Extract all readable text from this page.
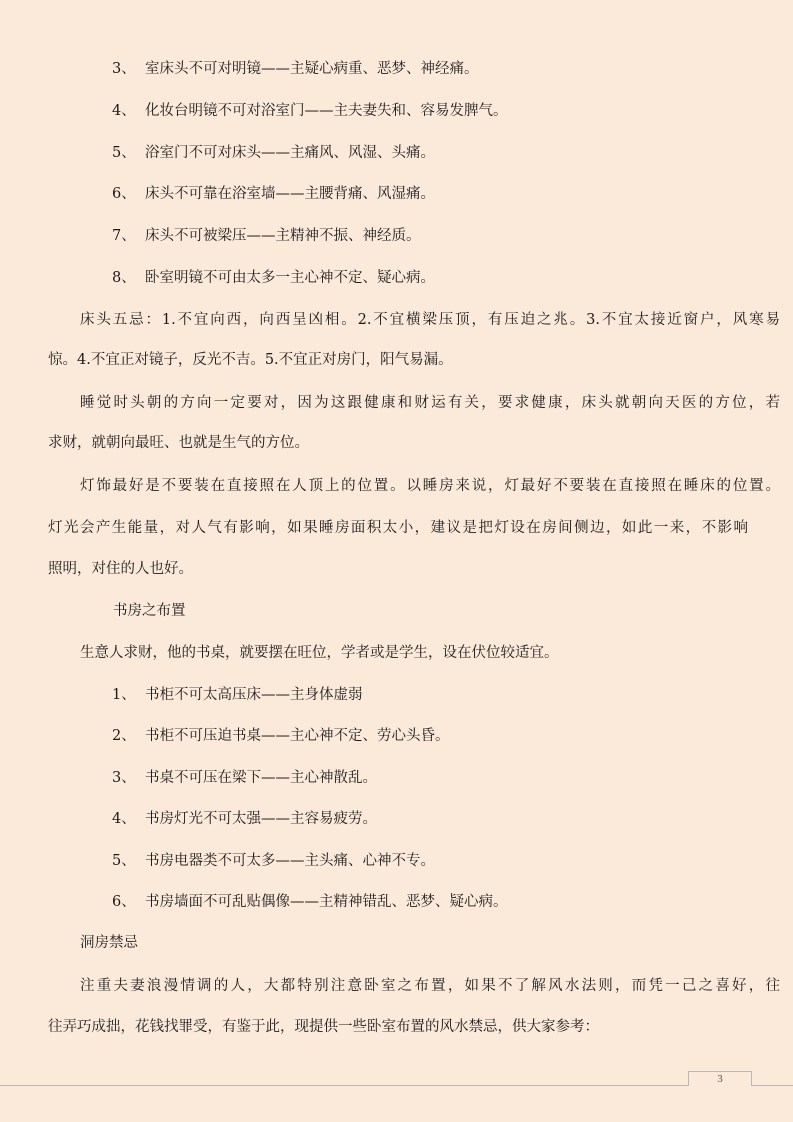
3、 室床头不可对明镜——主疑心病重、恶梦、神经痛。
4、 化妆台明镜不可对浴室门——主夫妻失和、容易发脾气。
5、 浴室门不可对床头——主痛风、风湿、头痛。
6、 床头不可靠在浴室墙——主腰背痛、风湿痛。
7、 床头不可被梁压——主精神不振、神经质。
8、 卧室明镜不可由太多一主心神不定、疑心病。
床头五忌：1.不宜向西，向西呈凶相。2.不宜横梁压顶，有压迫之兆。3.不宜太接近窗户，风寒易
惊。4.不宜正对镜子，反光不吉。5.不宜正对房门，阳气易漏。
睡觉时头朝的方向一定要对，因为这跟健康和财运有关，要求健康，床头就朝向天医的方位，若
求财，就朝向最旺、也就是生气的方位。
灯饰最好是不要装在直接照在人顶上的位置。以睡房来说，灯最好不要装在直接照在睡床的位置。
灯光会产生能量，对人气有影响，如果睡房面积太小，建议是把灯设在房间侧边，如此一来，不影响
照明，对住的人也好。
书房之布置
生意人求财，他的书桌，就要摆在旺位，学者或是学生，设在伏位较适宜。
1、 书柜不可太高压床——主身体虚弱
2、 书柜不可压迫书桌——主心神不定、劳心头昏。
3、 书桌不可压在梁下——主心神散乱。
4、 书房灯光不可太强——主容易疲劳。
5、 书房电器类不可太多——主头痛、心神不专。
6、 书房墙面不可乱贴偶像——主精神错乱、恶梦、疑心病。
洞房禁忌
注重夫妻浪漫情调的人，大都特别注意卧室之布置，如果不了解风水法则，而凭一己之喜好，往
往弄巧成拙，花钱找罪受，有鉴于此，现提供一些卧室布置的风水禁忌，供大家参考：
3
